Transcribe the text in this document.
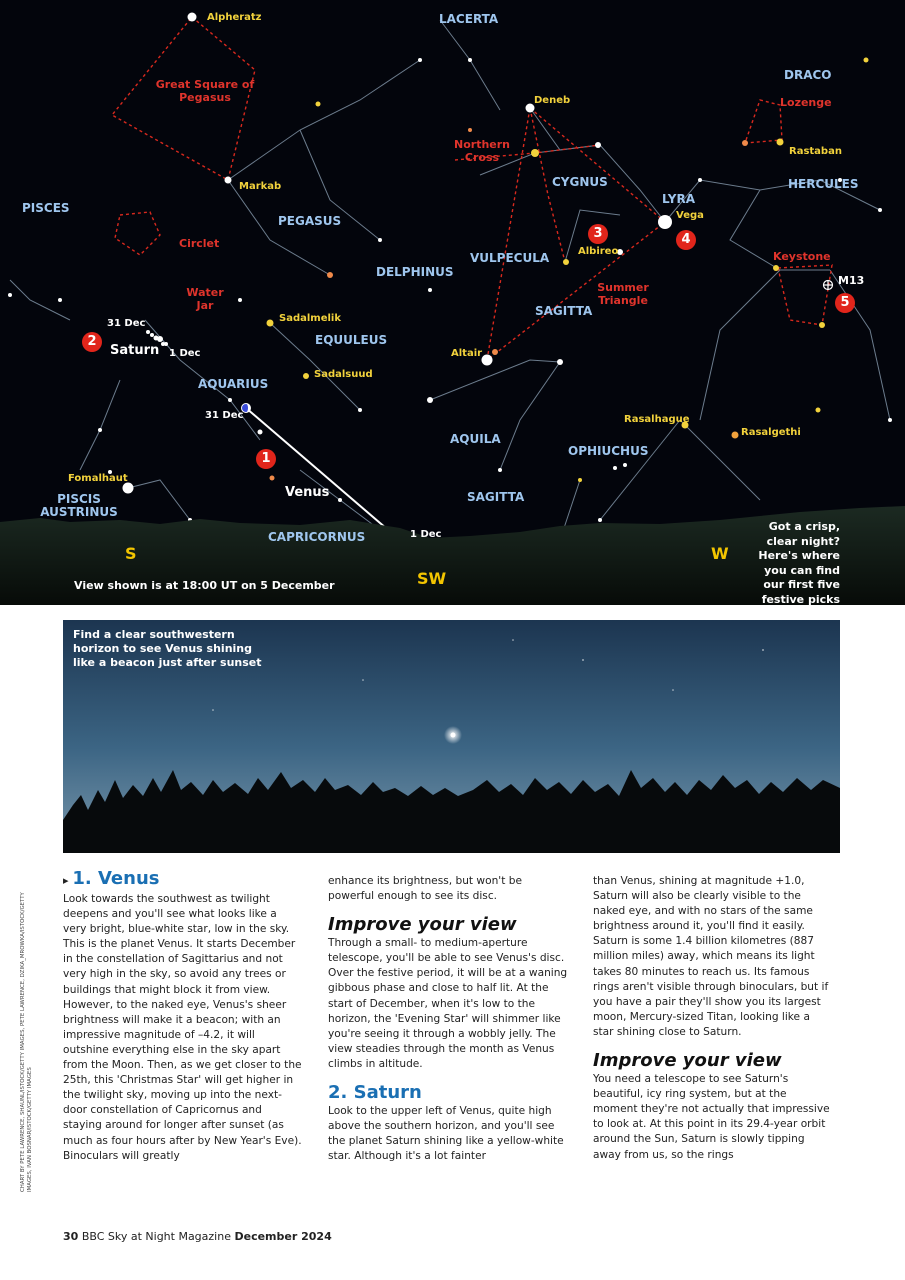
LACERTA
DRACO
PISCES
PEGASUS
CYGNUS	HERCULES
LYRA
DELPHINUS
VULPECULA
SAGITTA
EQUULEUS
AQUARIUS
AQUILA
OPHIUCHUS
SAGITTA
PISCIS AUSTRINUS
CAPRICORNUS
Alpheratz
Deneb
Markab
Vega
Albireo
Altair
Sadalmelik
Sadalsuud
Rasalhague
Rasalgethi
Fomalhaut
Rastaban
Great Square of Pegasus
Northern Cross
Circlet
Lozenge
Water Jar
Keystone
Summer Triangle
Saturn
31 Dec
1 Dec
Venus
31 Dec
1 Dec
M13
1
2
3	4
5
S
SW
W
View shown is at 18:00 UT on 5 December
Got a crisp, clear night? Here's where you can find our first five festive picks
Find a clear southwestern horizon to see Venus shining like a beacon just after sunset
▸ 1. Venus

Look towards the southwest as twilight deepens and you'll see what looks like a very bright, blue-white star, low in the sky. This is the planet Venus. It starts December in the constellation of Sagittarius and not very high in the sky, so avoid any trees or buildings that might block it from view. However, to the naked eye, Venus's sheer brightness will make it a beacon; with an impressive magnitude of –4.2, it will outshine everything else in the sky apart from the Moon. Then, as we get closer to the 25th, this 'Christmas Star' will get higher in the twilight sky, moving up into the next-door constellation of Capricornus and staying around for longer after sunset (as much as four hours after by New Year's Eve). Binoculars will greatly

enhance its brightness, but won't be powerful enough to see its disc.

Improve your view

Through a small- to medium-aperture telescope, you'll be able to see Venus's disc. Over the festive period, it will be at a waning gibbous phase and close to half lit. At the start of December, when it's low to the horizon, the 'Evening Star' will shimmer like you're seeing it through a wobbly jelly. The view steadies through the month as Venus climbs in altitude.

2. Saturn

Look to the upper left of Venus, quite high above the southern horizon, and you'll see the planet Saturn shining like a yellow-white star. Although it's a lot fainter

than Venus, shining at magnitude +1.0, Saturn will also be clearly visible to the naked eye, and with no stars of the same brightness around it, you'll find it easily. Saturn is some 1.4 billion kilometres (887 million miles) away, which means its light takes 80 minutes to reach us. Its famous rings aren't visible through binoculars, but if you have a pair they'll show you its largest moon, Mercury-sized Titan, looking like a star shining close to Saturn.

Improve your view

You need a telescope to see Saturn's beautiful, icy ring system, but at the moment they're not actually that impressive to look at. At this point in its 29.4-year orbit around the Sun, Saturn is slowly tipping away from us, so the rings

CHART BY PETE LAWRENCE, SHAUNL/ISTOCK/GETTY IMAGES, PETE LAWRENCE, DZIKA_MROWKA/ISTOCK/GETTY IMAGES, IVAN BOSNAR/ISTOCK/GETTY IMAGES
30 BBC Sky at Night Magazine December 2024
